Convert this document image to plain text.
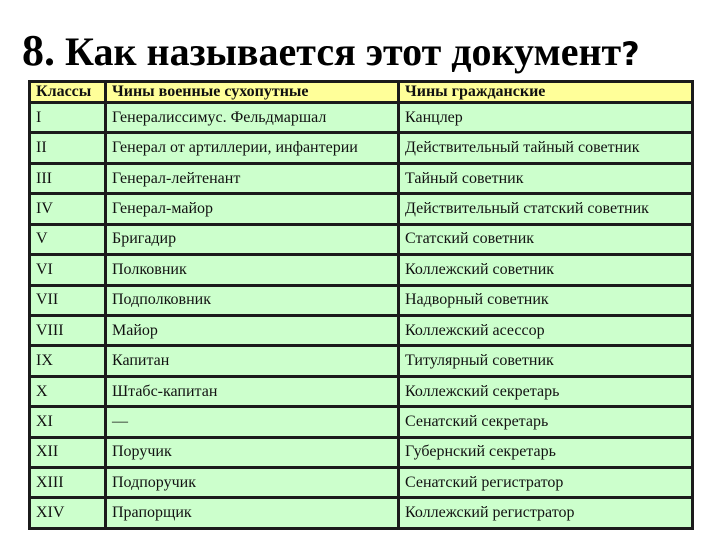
8. Как называется этот документ?
Классы	Чины военные сухопутные	Чины гражданские
I	Генералиссимус. Фельдмаршал	Канцлер
II	Генерал от артиллерии, инфантерии	Действительный тайный советник
III	Генерал-лейтенант	Тайный советник
IV	Генерал-майор	Действительный статский советник
V	Бригадир	Статский советник
VI	Полковник	Коллежский советник
VII	Подполковник	Надворный советник
VIII	Майор	Коллежский асессор
IX	Капитан	Титулярный советник
X	Штабс-капитан	Коллежский секретарь
XI	—	Сенатский секретарь
XII	Поручик	Губернский секретарь
XIII	Подпоручик	Сенатский регистратор
XIV	Прапорщик	Коллежский регистратор
